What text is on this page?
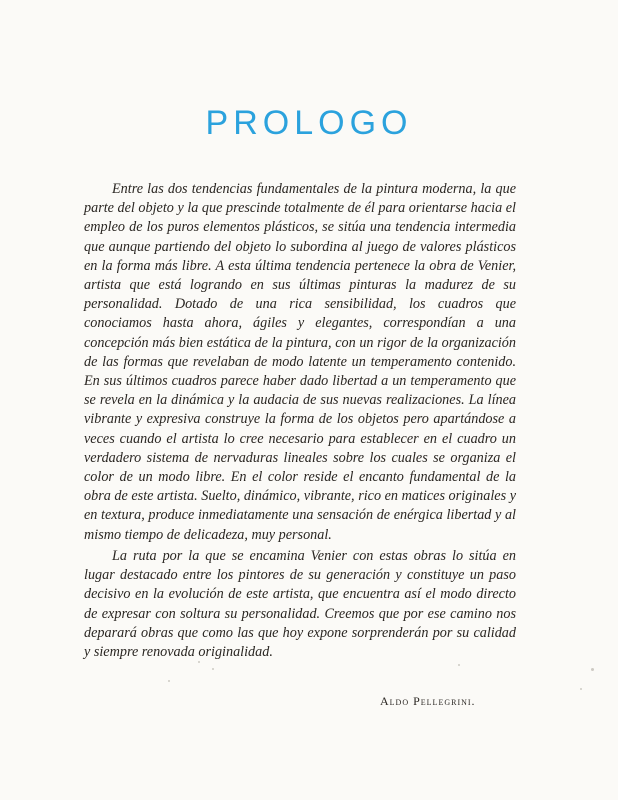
PROLOGO

Entre las dos tendencias fundamentales de la pintura moderna, la que parte del objeto y la que prescinde totalmente de él para orientarse hacia el empleo de los puros elementos plásticos, se sitúa una tendencia intermedia que aunque partiendo del objeto lo subordina al juego de valores plásticos en la forma más libre. A esta última tendencia pertenece la obra de Venier, artista que está logrando en sus últimas pinturas la madurez de su personalidad. Dotado de una rica sensibilidad, los cuadros que conociamos hasta ahora, ágiles y elegantes, correspondían a una concepción más bien estática de la pintura, con un rigor de la organización de las formas que revelaban de modo latente un temperamento contenido. En sus últimos cuadros parece haber dado libertad a un temperamento que se revela en la dinámica y la audacia de sus nuevas realizaciones. La línea vibrante y expresiva construye la forma de los objetos pero apartándose a veces cuando el artista lo cree necesario para establecer en el cuadro un verdadero sistema de nervaduras lineales sobre los cuales se organiza el color de un modo libre. En el color reside el encanto fundamental de la obra de este artista. Suelto, dinámico, vibrante, rico en matices originales y en textura, produce inmediatamente una sensación de enérgica libertad y al mismo tiempo de delicadeza, muy personal.

La ruta por la que se encamina Venier con estas obras lo sitúa en lugar destacado entre los pintores de su generación y constituye un paso decisivo en la evolución de este artista, que encuentra así el modo directo de expresar con soltura su personalidad. Creemos que por ese camino nos deparará obras que como las que hoy expone sorprenderán por su calidad y siempre renovada originalidad.

Aldo Pellegrini.
